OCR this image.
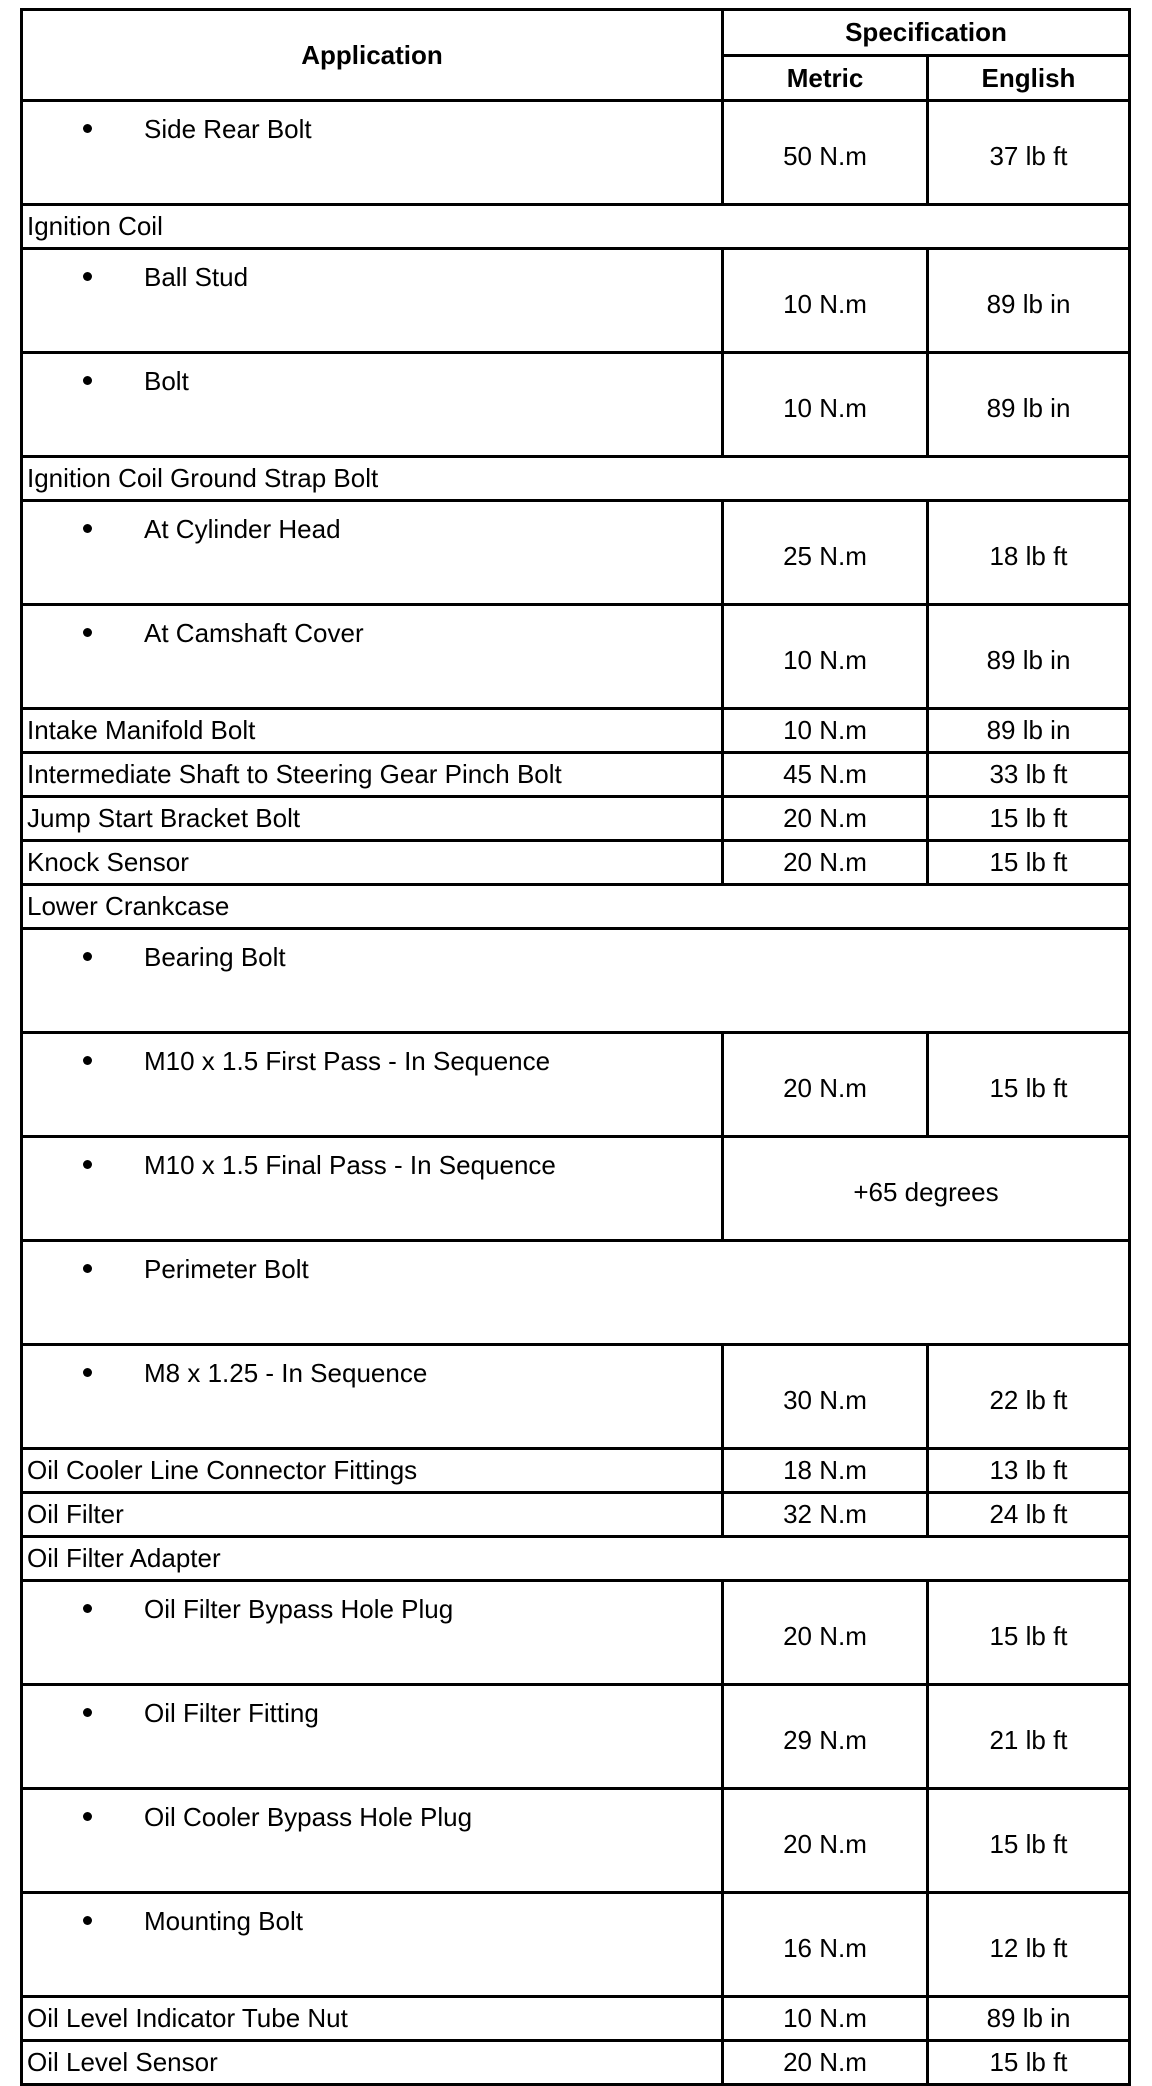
Application	Specification	
	Metric	English
Side Rear Bolt	50 N.m	37 lb ft
Ignition Coil		
Ball Stud	10 N.m	89 lb in
Bolt	10 N.m	89 lb in
Ignition Coil Ground Strap Bolt		
At Cylinder Head	25 N.m	18 lb ft
At Camshaft Cover	10 N.m	89 lb in
Intake Manifold Bolt	10 N.m	89 lb in
Intermediate Shaft to Steering Gear Pinch Bolt	45 N.m	33 lb ft
Jump Start Bracket Bolt	20 N.m	15 lb ft
Knock Sensor	20 N.m	15 lb ft
Lower Crankcase		
Bearing Bolt		
M10 x 1.5 First Pass - In Sequence	20 N.m	15 lb ft
M10 x 1.5 Final Pass - In Sequence	+65 degrees	
Perimeter Bolt		
M8 x 1.25 - In Sequence	30 N.m	22 lb ft
Oil Cooler Line Connector Fittings	18 N.m	13 lb ft
Oil Filter	32 N.m	24 lb ft
Oil Filter Adapter		
Oil Filter Bypass Hole Plug	20 N.m	15 lb ft
Oil Filter Fitting	29 N.m	21 lb ft
Oil Cooler Bypass Hole Plug	20 N.m	15 lb ft
Mounting Bolt	16 N.m	12 lb ft
Oil Level Indicator Tube Nut	10 N.m	89 lb in
Oil Level Sensor	20 N.m	15 lb ft
